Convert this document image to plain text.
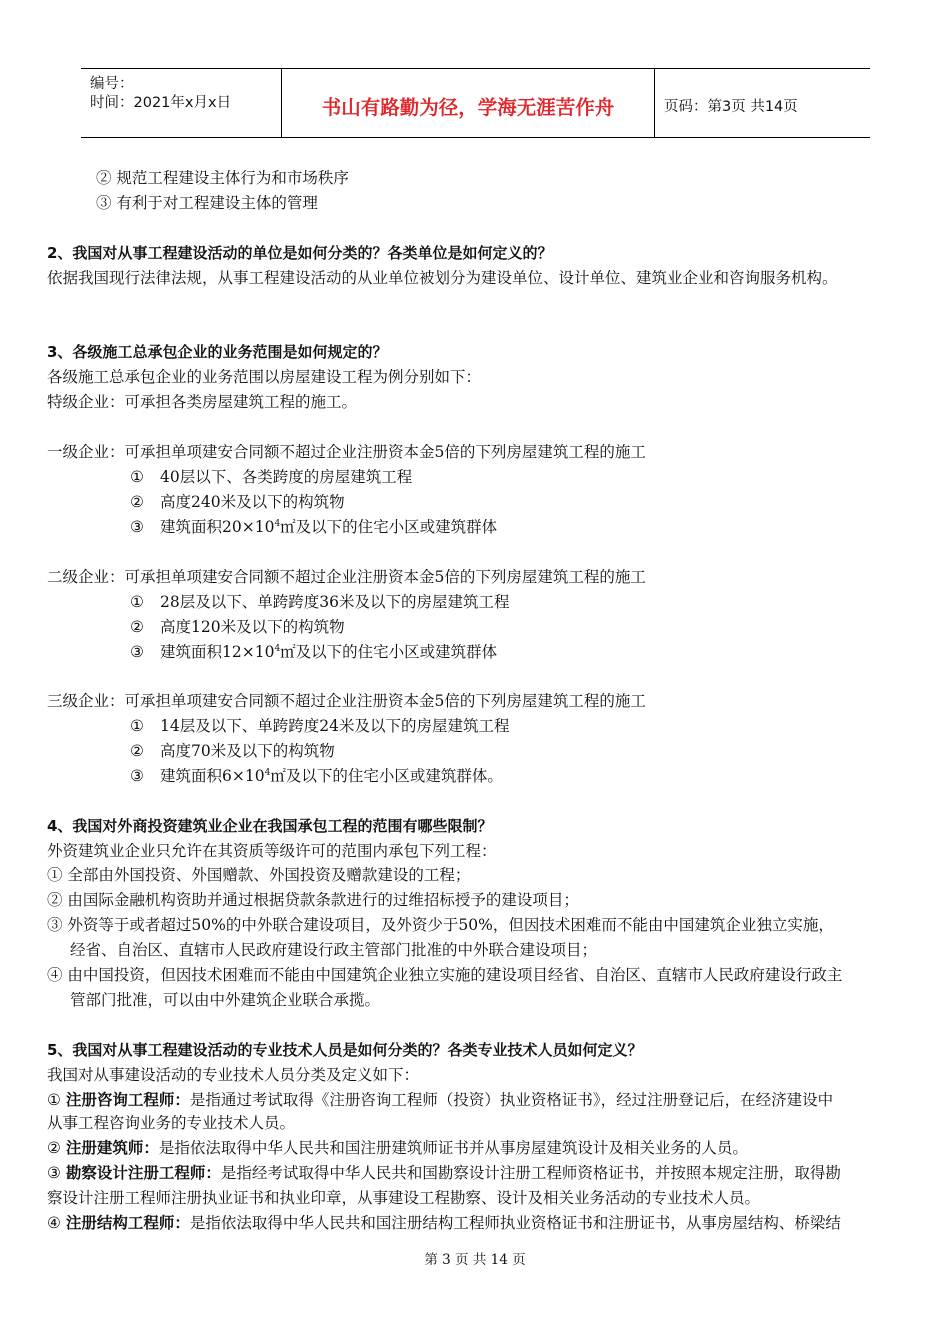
编号：
时间：2021年x月x日	书山有路勤为径，学海无涯苦作舟	页码：第3页 共14页
② 规范工程建设主体行为和市场秩序
③ 有利于对工程建设主体的管理
2、我国对从事工程建设活动的单位是如何分类的？各类单位是如何定义的？
依据我国现行法律法规，从事工程建设活动的从业单位被划分为建设单位、设计单位、建筑业企业和咨询服务机构。
3、各级施工总承包企业的业务范围是如何规定的？
各级施工总承包企业的业务范围以房屋建设工程为例分别如下：
特级企业：可承担各类房屋建筑工程的施工。
一级企业：可承担单项建安合同额不超过企业注册资本金5倍的下列房屋建筑工程的施工
① 40层以下、各类跨度的房屋建筑工程
② 高度240米及以下的构筑物
③ 建筑面积$20\times 10^4㎡$及以下的住宅小区或建筑群体
二级企业：可承担单项建安合同额不超过企业注册资本金5倍的下列房屋建筑工程的施工
① 28层及以下、单跨跨度36米及以下的房屋建筑工程
② 高度120米及以下的构筑物
③ 建筑面积$12\times 10^4㎡$及以下的住宅小区或建筑群体
三级企业：可承担单项建安合同额不超过企业注册资本金5倍的下列房屋建筑工程的施工
① 14层及以下、单跨跨度24米及以下的房屋建筑工程
② 高度70米及以下的构筑物
③ 建筑面积$6\times 10^4㎡$及以下的住宅小区或建筑群体。
4、我国对外商投资建筑业企业在我国承包工程的范围有哪些限制？
外资建筑业企业只允许在其资质等级许可的范围内承包下列工程：
① 全部由外国投资、外国赠款、外国投资及赠款建设的工程；
② 由国际金融机构资助并通过根据贷款条款进行的过维招标授予的建设项目；
③ 外资等于或者超过50%的中外联合建设项目，及外资少于50%，但因技术困难而不能由中国建筑企业独立实施，
经省、自治区、直辖市人民政府建设行政主管部门批准的中外联合建设项目；
④ 由中国投资，但因技术困难而不能由中国建筑企业独立实施的建设项目经省、自治区、直辖市人民政府建设行政主
管部门批准，可以由中外建筑企业联合承揽。
5、我国对从事工程建设活动的专业技术人员是如何分类的？各类专业技术人员如何定义？
我国对从事建设活动的专业技术人员分类及定义如下：
① 注册咨询工程师：是指通过考试取得《注册咨询工程师（投资）执业资格证书》，经过注册登记后，在经济建设中
从事工程咨询业务的专业技术人员。
② 注册建筑师：是指依法取得中华人民共和国注册建筑师证书并从事房屋建筑设计及相关业务的人员。
③ 勘察设计注册工程师：是指经考试取得中华人民共和国勘察设计注册工程师资格证书，并按照本规定注册，取得勘
察设计注册工程师注册执业证书和执业印章，从事建设工程勘察、设计及相关业务活动的专业技术人员。
④ 注册结构工程师：是指依法取得中华人民共和国注册结构工程师执业资格证书和注册证书，从事房屋结构、桥梁结
第 3 页 共 14 页
